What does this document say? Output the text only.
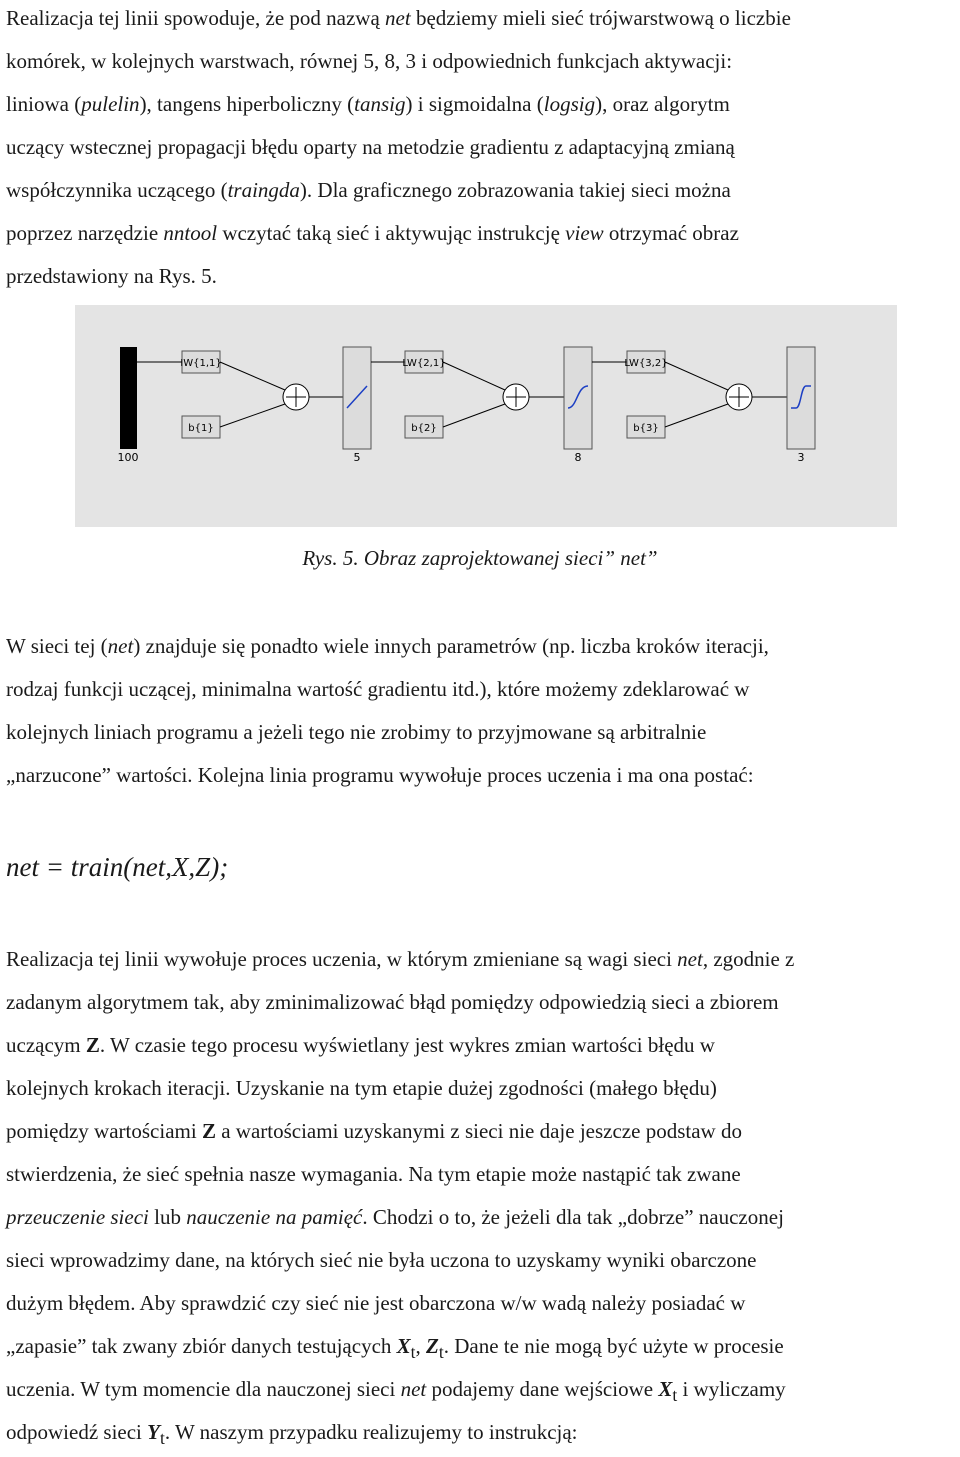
Realizacja tej linii spowoduje, że pod nazwą net będziemy mieli sieć trójwarstwową o liczbie
komórek, w kolejnych warstwach, równej 5, 8, 3 i odpowiednich funkcjach aktywacji:
liniowa (pulelin), tangens hiperboliczny (tansig) i sigmoidalna (logsig), oraz algorytm
uczący wstecznej propagacji błędu oparty na metodzie gradientu z adaptacyjną zmianą
współczynnika uczącego (traingda). Dla graficznego zobrazowania takiej sieci można
poprzez narzędzie nntool wczytać taką sieć i aktywując instrukcję view otrzymać obraz
przedstawiony na Rys. 5.
100
IW{1,1}
b{1}
5
LW{2,1}
b{2}
8
LW{3,2}
b{3}
3
Rys. 5. Obraz zaprojektowanej sieci” net”
W sieci tej (net) znajduje się ponadto wiele innych parametrów (np. liczba kroków iteracji,
rodzaj funkcji uczącej, minimalna wartość gradientu itd.), które możemy zdeklarować w
kolejnych liniach programu a jeżeli tego nie zrobimy to przyjmowane są arbitralnie
„narzucone” wartości. Kolejna linia programu wywołuje proces uczenia i ma ona postać:
net = train(net,X,Z);
Realizacja tej linii wywołuje proces uczenia, w którym zmieniane są wagi sieci net, zgodnie z
zadanym algorytmem tak, aby zminimalizować błąd pomiędzy odpowiedzią sieci a zbiorem
uczącym Z. W czasie tego procesu wyświetlany jest wykres zmian wartości błędu w
kolejnych krokach iteracji. Uzyskanie na tym etapie dużej zgodności (małego błędu)
pomiędzy wartościami Z a wartościami uzyskanymi z sieci nie daje jeszcze podstaw do
stwierdzenia, że sieć spełnia nasze wymagania. Na tym etapie może nastąpić tak zwane
przeuczenie sieci lub nauczenie na pamięć. Chodzi o to, że jeżeli dla tak „dobrze” nauczonej
sieci wprowadzimy dane, na których sieć nie była uczona to uzyskamy wyniki obarczone
dużym błędem. Aby sprawdzić czy sieć nie jest obarczona w/w wadą należy posiadać w
„zapasie” tak zwany zbiór danych testujących $X_t$, $Z_t$. Dane te nie mogą być użyte w procesie
uczenia. W tym momencie dla nauczonej sieci net podajemy dane wejściowe $X_t$ i wyliczamy
odpowiedź sieci $Y_t$. W naszym przypadku realizujemy to instrukcją:
